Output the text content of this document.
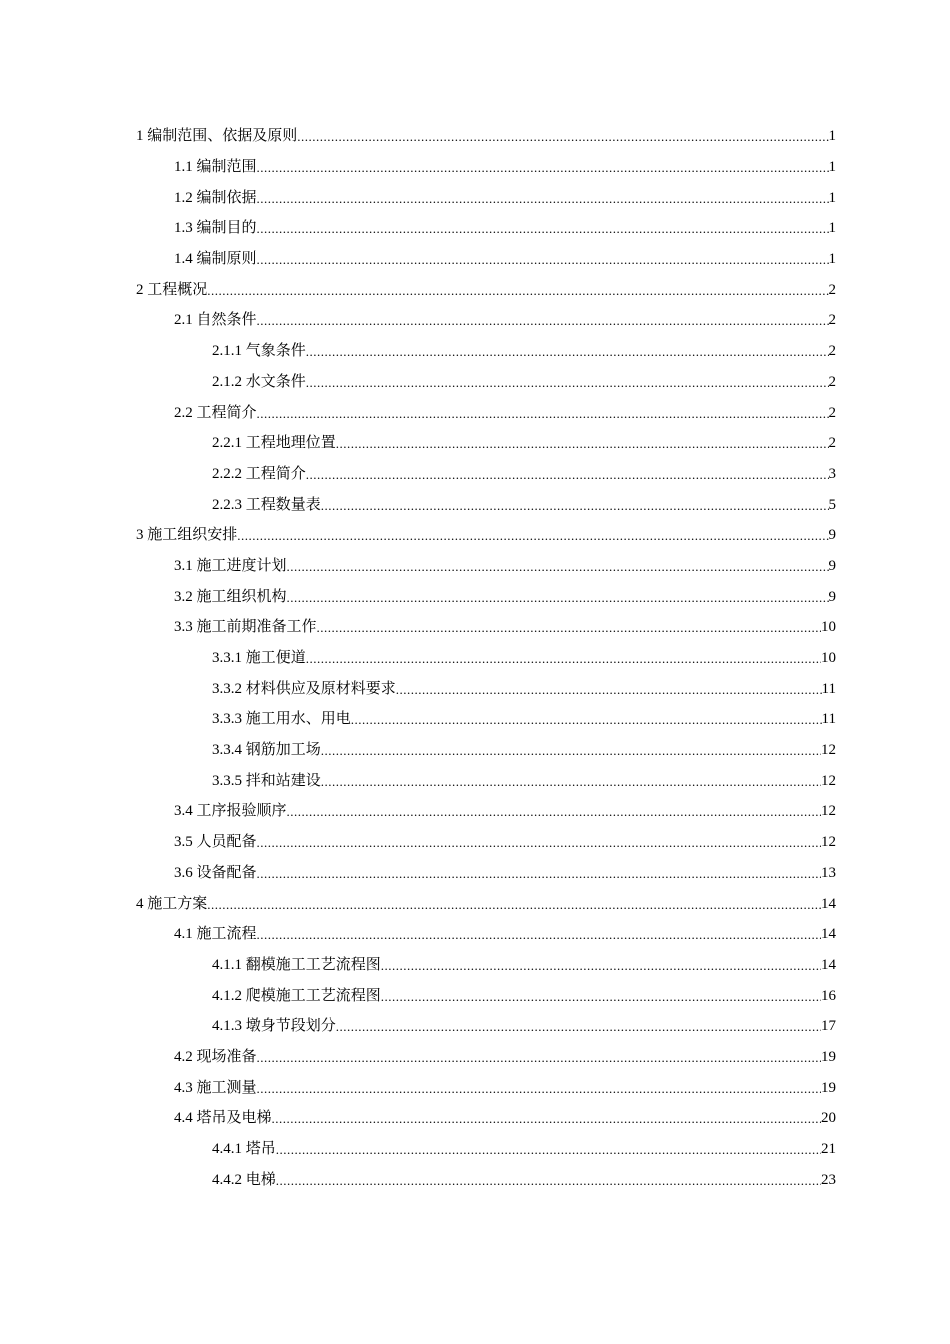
1 编制范围、依据及原则 .....	1
1.1 编制范围 .....	1
1.2 编制依据 .....	1
1.3 编制目的 .....	1
1.4 编制原则 .....	1
2 工程概况 .....	2
2.1 自然条件 .....	2
2.1.1 气象条件 .....	2
2.1.2 水文条件 .....	2
2.2 工程简介 .....	2
2.2.1 工程地理位置 .....	2
2.2.2 工程简介 .....	3
2.2.3 工程数量表 .....	5
3 施工组织安排 .....	9
3.1 施工进度计划 .....	9
3.2 施工组织机构 .....	9
3.3 施工前期准备工作 .....	10
3.3.1 施工便道 .....	10
3.3.2 材料供应及原材料要求 .....	11
3.3.3 施工用水、用电 .....	11
3.3.4 钢筋加工场 .....	12
3.3.5 拌和站建设 .....	12
3.4 工序报验顺序 .....	12
3.5 人员配备 .....	12
3.6 设备配备 .....	13
4 施工方案 .....	14
4.1 施工流程 .....	14
4.1.1 翻模施工工艺流程图 .....	14
4.1.2 爬模施工工艺流程图 .....	16
4.1.3 墩身节段划分 .....	17
4.2 现场准备 .....	19
4.3 施工测量 .....	19
4.4 塔吊及电梯 .....	20
4.4.1 塔吊 .....	21
4.4.2 电梯 .....	23
